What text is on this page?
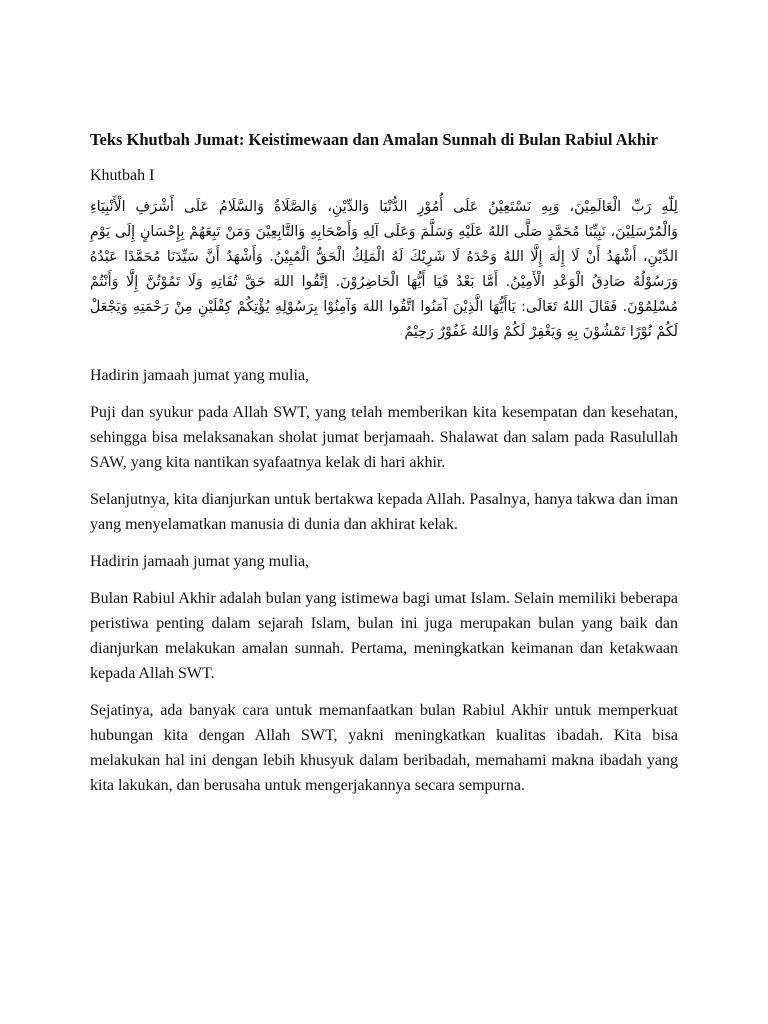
Teks Khutbah Jumat: Keistimewaan dan Amalan Sunnah di Bulan Rabiul Akhir
Khutbah I

لِلّٰهِ رَبِّ الْعَالَمِيْنَ، وَبِهِ نَسْتَعِيْنُ عَلَى أُمُوْرِ الدُّنْيَا وَالدِّيْنِ، وَالصَّلَاةُ وَالسَّلَامُ عَلَى أَشْرَفِ الْأَنْبِيَاءِ وَالْمُرْسَلِيْنَ، نَبِيِّنَا مُحَمَّدٍ صَلَّى اللهُ عَلَيْهِ وَسَلَّمَ وَعَلَى آلِهِ وَأَصْحَابِهِ وَالتَّابِعِيْنَ وَمَنْ تَبِعَهُمْ بِإِحْسَانٍ إِلَى يَوْمِ الدِّيْنِ، أَشْهَدُ أَنْ لَا إِلٰهَ إِلَّا اللهُ وَحْدَهُ لَا شَرِيْكَ لَهُ الْمَلِكُ الْحَقُّ الْمُبِيْنُ. وَأَشْهَدُ أَنَّ سَيِّدَنَا مُحَمَّدًا عَبْدُهُ وَرَسُوْلُهُ صَادِقُ الْوَعْدِ الْأَمِيْنُ. أَمَّا بَعْدُ فَيَا أَيُّهَا الْحَاضِرُوْنَ. اِتَّقُوا اللهَ حَقَّ تُقَاتِهِ وَلَا تَمُوْتُنَّ إِلَّا وَأَنْتُمْ مُسْلِمُوْنَ. فَقَالَ اللهُ تَعَالَى: يَاأَيُّهَا الَّذِيْنَ آمَنُوا اتَّقُوا اللهَ وَآمِنُوْا بِرَسُوْلِهِ يُؤْتِكُمْ كِفْلَيْنِ مِنْ رَحْمَتِهِ وَيَجْعَلْ لَكُمْ نُوْرًا تَمْشُوْنَ بِهِ وَيَغْفِرْ لَكُمْ وَاللهُ غَفُوْرٌ رَحِيْمٌ

Hadirin jamaah jumat yang mulia,

Puji dan syukur pada Allah SWT, yang telah memberikan kita kesempatan dan kesehatan, sehingga bisa melaksanakan sholat jumat berjamaah. Shalawat dan salam pada Rasulullah SAW, yang kita nantikan syafaatnya kelak di hari akhir.

Selanjutnya, kita dianjurkan untuk bertakwa kepada Allah. Pasalnya, hanya takwa dan iman yang menyelamatkan manusia di dunia dan akhirat kelak.

Hadirin jamaah jumat yang mulia,

Bulan Rabiul Akhir adalah bulan yang istimewa bagi umat Islam. Selain memiliki beberapa peristiwa penting dalam sejarah Islam, bulan ini juga merupakan bulan yang baik dan dianjurkan melakukan amalan sunnah. Pertama, meningkatkan keimanan dan ketakwaan kepada Allah SWT.

Sejatinya, ada banyak cara untuk memanfaatkan bulan Rabiul Akhir untuk memperkuat hubungan kita dengan Allah SWT, yakni meningkatkan kualitas ibadah. Kita bisa melakukan hal ini dengan lebih khusyuk dalam beribadah, memahami makna ibadah yang kita lakukan, dan berusaha untuk mengerjakannya secara sempurna.
